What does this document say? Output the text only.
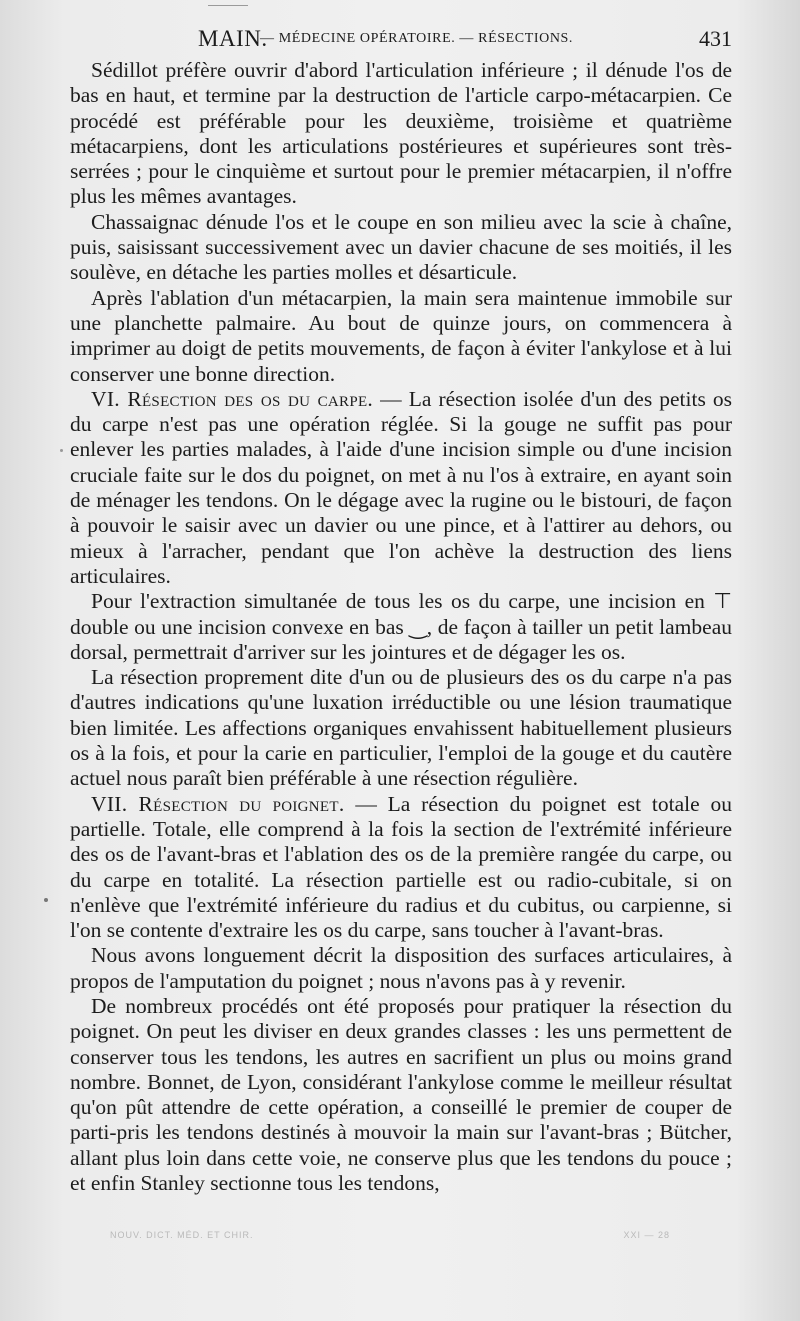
MAIN.
— MÉDECINE OPÉRATOIRE. — RÉSECTIONS.	431

Sédillot préfère ouvrir d'abord l'articulation inférieure ; il dénude l'os de bas en haut, et termine par la destruction de l'article carpo-métacarpien. Ce procédé est préférable pour les deuxième, troisième et quatrième métacarpiens, dont les articulations postérieures et supérieures sont très-serrées ; pour le cinquième et surtout pour le premier métacarpien, il n'offre plus les mêmes avantages.

Chassaignac dénude l'os et le coupe en son milieu avec la scie à chaîne, puis, saisissant successivement avec un davier chacune de ses moitiés, il les soulève, en détache les parties molles et désarticule.

Après l'ablation d'un métacarpien, la main sera maintenue immobile sur une planchette palmaire. Au bout de quinze jours, on commencera à imprimer au doigt de petits mouvements, de façon à éviter l'ankylose et à lui conserver une bonne direction.

VI. Résection des os du carpe. — La résection isolée d'un des petits os du carpe n'est pas une opération réglée. Si la gouge ne suffit pas pour enlever les parties malades, à l'aide d'une incision simple ou d'une incision cruciale faite sur le dos du poignet, on met à nu l'os à extraire, en ayant soin de ménager les tendons. On le dégage avec la rugine ou le bistouri, de façon à pouvoir le saisir avec un davier ou une pince, et à l'attirer au dehors, ou mieux à l'arracher, pendant que l'on achève la destruction des liens articulaires.

Pour l'extraction simultanée de tous les os du carpe, une incision en ⊤ double ou une incision convexe en bas ‿, de façon à tailler un petit lambeau dorsal, permettrait d'arriver sur les jointures et de dégager les os.

La résection proprement dite d'un ou de plusieurs des os du carpe n'a pas d'autres indications qu'une luxation irréductible ou une lésion traumatique bien limitée. Les affections organiques envahissent habituellement plusieurs os à la fois, et pour la carie en particulier, l'emploi de la gouge et du cautère actuel nous paraît bien préférable à une résection régulière.

VII. Résection du poignet. — La résection du poignet est totale ou partielle. Totale, elle comprend à la fois la section de l'extrémité inférieure des os de l'avant-bras et l'ablation des os de la première rangée du carpe, ou du carpe en totalité. La résection partielle est ou radio-cubitale, si on n'enlève que l'extrémité inférieure du radius et du cubitus, ou carpienne, si l'on se contente d'extraire les os du carpe, sans toucher à l'avant-bras.

Nous avons longuement décrit la disposition des surfaces articulaires, à propos de l'amputation du poignet ; nous n'avons pas à y revenir.

De nombreux procédés ont été proposés pour pratiquer la résection du poignet. On peut les diviser en deux grandes classes : les uns permettent de conserver tous les tendons, les autres en sacrifient un plus ou moins grand nombre. Bonnet, de Lyon, considérant l'ankylose comme le meilleur résultat qu'on pût attendre de cette opération, a conseillé le premier de couper de parti-pris les tendons destinés à mouvoir la main sur l'avant-bras ; Bütcher, allant plus loin dans cette voie, ne conserve plus que les tendons du pouce ; et enfin Stanley sectionne tous les tendons,

NOUV. DICT. MÉD. ET CHIR.	XXI — 28
